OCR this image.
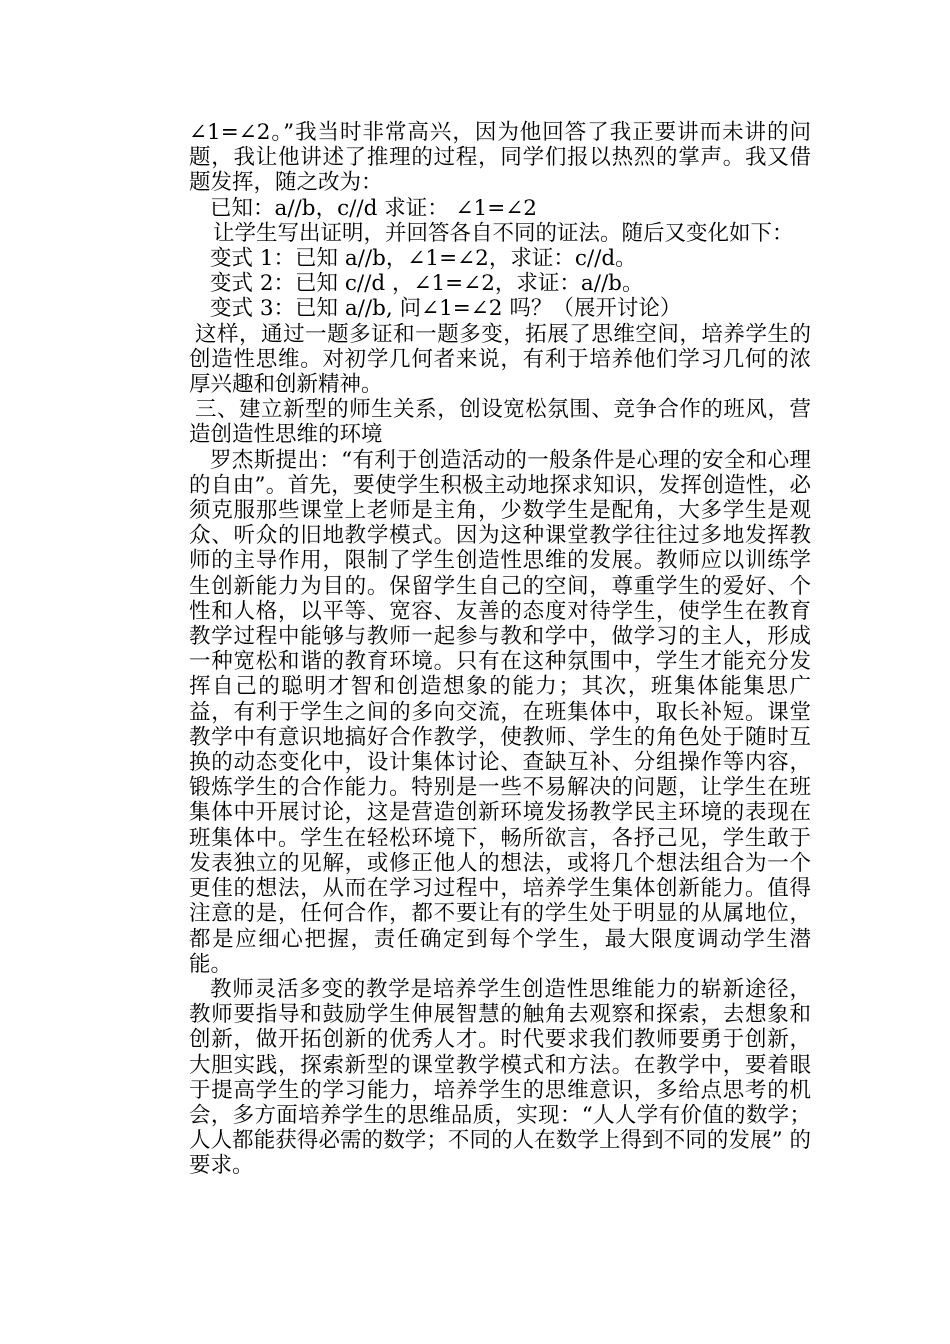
∠1=∠2。”我当时非常高兴，因为他回答了我正要讲而未讲的问题，我让他讲述了推理的过程，同学们报以热烈的掌声。我又借题发挥，随之改为：

已知：a//b，c//d 求证： ∠1=∠2

让学生写出证明，并回答各自不同的证法。随后又变化如下：

变式 1：已知 a//b，∠1=∠2，求证：c//d。

变式 2：已知 c//d ，∠1=∠2，求证：a//b。

变式 3：已知 a//b, 问∠1=∠2 吗？（展开讨论）

这样，通过一题多证和一题多变，拓展了思维空间，培养学生的创造性思维。对初学几何者来说，有利于培养他们学习几何的浓厚兴趣和创新精神。

三、建立新型的师生关系，创设宽松氛围、竞争合作的班风，营造创造性思维的环境

罗杰斯提出：“有利于创造活动的一般条件是心理的安全和心理的自由”。首先，要使学生积极主动地探求知识，发挥创造性，必须克服那些课堂上老师是主角，少数学生是配角，大多学生是观众、听众的旧地教学模式。因为这种课堂教学往往过多地发挥教师的主导作用，限制了学生创造性思维的发展。教师应以训练学生创新能力为目的。保留学生自己的空间，尊重学生的爱好、个性和人格，以平等、宽容、友善的态度对待学生，使学生在教育教学过程中能够与教师一起参与教和学中，做学习的主人，形成一种宽松和谐的教育环境。只有在这种氛围中，学生才能充分发挥自己的聪明才智和创造想象的能力；其次，班集体能集思广益，有利于学生之间的多向交流，在班集体中，取长补短。课堂教学中有意识地搞好合作教学，使教师、学生的角色处于随时互换的动态变化中，设计集体讨论、查缺互补、分组操作等内容，锻炼学生的合作能力。特别是一些不易解决的问题，让学生在班集体中开展讨论，这是营造创新环境发扬教学民主环境的表现在班集体中。学生在轻松环境下，畅所欲言，各抒己见，学生敢于发表独立的见解，或修正他人的想法，或将几个想法组合为一个更佳的想法，从而在学习过程中，培养学生集体创新能力。值得注意的是，任何合作，都不要让有的学生处于明显的从属地位，都是应细心把握，责任确定到每个学生，最大限度调动学生潜能。

教师灵活多变的教学是培养学生创造性思维能力的崭新途径，教师要指导和鼓励学生伸展智慧的触角去观察和探索，去想象和创新，做开拓创新的优秀人才。时代要求我们教师要勇于创新，大胆实践，探索新型的课堂教学模式和方法。在教学中，要着眼于提高学生的学习能力，培养学生的思维意识，多给点思考的机会，多方面培养学生的思维品质，实现：“人人学有价值的数学；人人都能获得必需的数学；不同的人在数学上得到不同的发展” 的要求。
